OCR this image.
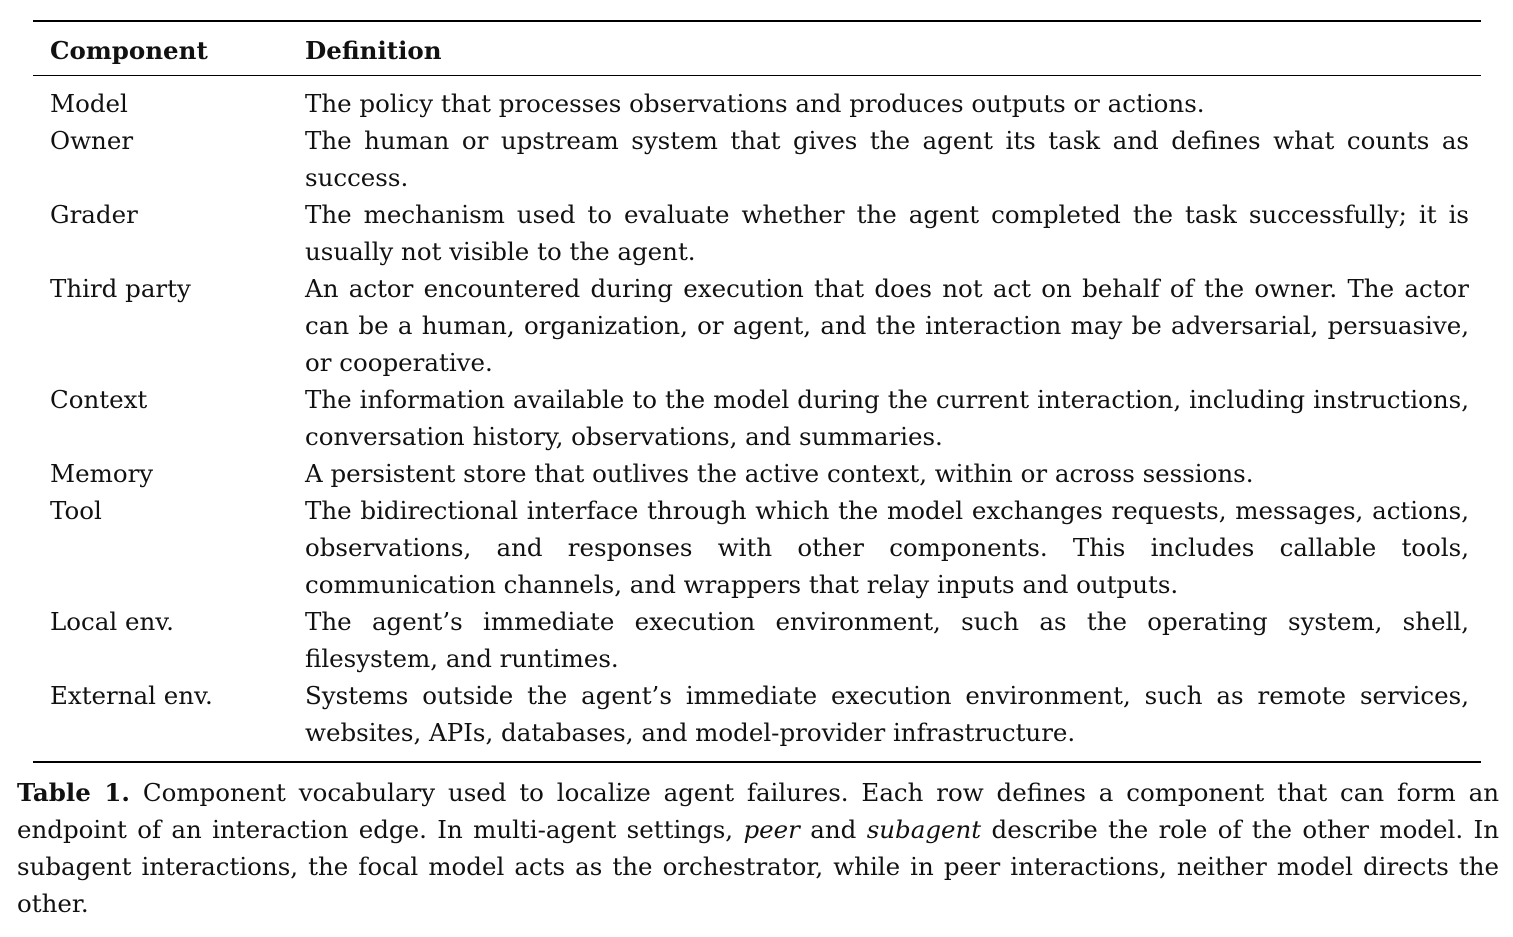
Component	Definition
Model	The policy that processes observations and produces outputs or actions.
Owner	The human or upstream system that gives the agent its task and defines what counts as success.
Grader	The mechanism used to evaluate whether the agent completed the task successfully; it is usually not visible to the agent.
Third party	An actor encountered during execution that does not act on behalf of the owner. The actor can be a human, organization, or agent, and the interaction may be adversarial, persuasive, or cooperative.
Context	The information available to the model during the current interaction, including instructions, conversation history, observations, and summaries.
Memory	A persistent store that outlives the active context, within or across sessions.
Tool	The bidirectional interface through which the model exchanges requests, messages, actions, observations, and responses with other components. This includes callable tools, communication channels, and wrappers that relay inputs and outputs.
Local env.	The agent’s immediate execution environment, such as the operating system, shell, filesystem, and runtimes.
External env.	Systems outside the agent’s immediate execution environment, such as remote services, websites, APIs, databases, and model-provider infrastructure.

Table 1. Component vocabulary used to localize agent failures. Each row defines a component that can form an endpoint of an interaction edge. In multi-agent settings, peer and subagent describe the role of the other model. In subagent interactions, the focal model acts as the orchestrator, while in peer interactions, neither model directs the other.
